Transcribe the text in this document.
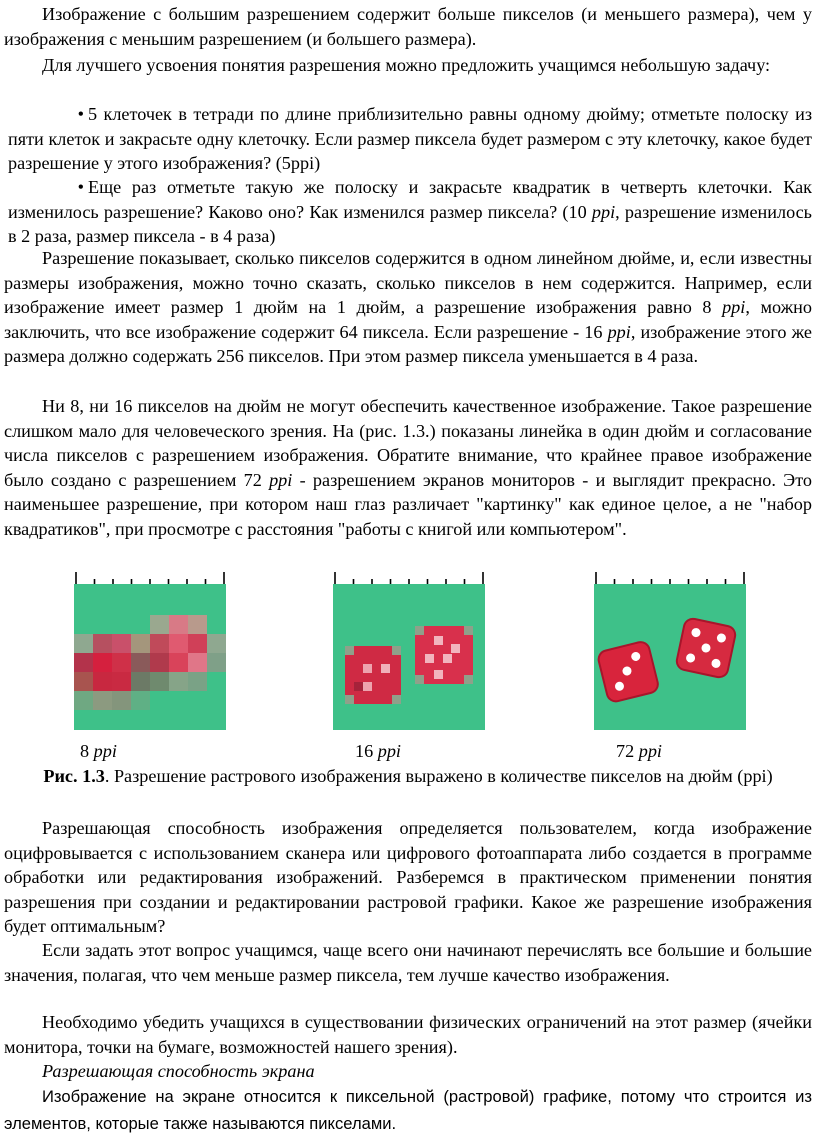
Изображение с большим разрешением содержит больше пикселов (и меньшего размера), чем у изображения с меньшим разрешением (и большего размера).

Для лучшего усвоения понятия разрешения можно предложить учащимся небольшую задачу:

• 5 клеточек в тетради по длине приблизительно равны одному дюйму; отметьте полоску из пяти клеток и закрасьте одну клеточку. Если размер пиксела будет размером с эту клеточку, какое будет разрешение у этого изображения? (5ppi)

• Еще раз отметьте такую же полоску и закрасьте квадратик в четверть клеточки. Как изменилось разрешение? Каково оно? Как изменился размер пиксела? (10 ppi, разрешение изменилось в 2 раза, размер пиксела - в 4 раза)

Разрешение показывает, сколько пикселов содержится в одном линейном дюйме, и, если известны размеры изображения, можно точно сказать, сколько пикселов в нем содержится. Например, если изображение имеет размер 1 дюйм на 1 дюйм, а разрешение изображения равно 8 ppi, можно заключить, что все изображение содержит 64 пиксела. Если разрешение - 16 ppi, изображение этого же размера должно содержать 256 пикселов. При этом размер пиксела уменьшается в 4 раза.

Ни 8, ни 16 пикселов на дюйм не могут обеспечить качественное изображение. Такое разрешение слишком мало для человеческого зрения. На (рис. 1.3.) показаны линейка в один дюйм и согласование числа пикселов с разрешением изображения. Обратите внимание, что крайнее правое изображение было создано с разрешением 72 ppi - разрешением экранов мониторов - и выглядит прекрасно. Это наименьшее разрешение, при котором наш глаз различает "картинку" как единое целое, а не "набор квадратиков", при просмотре с расстояния "работы с книгой или компьютером".

8 ppi	16 ppi	72 ppi

Рис. 1.3. Разрешение растрового изображения выражено в количестве пикселов на дюйм (ppi)

Разрешающая способность изображения определяется пользователем, когда изображение оцифровывается с использованием сканера или цифрового фотоаппарата либо создается в программе обработки или редактирования изображений. Разберемся в практическом применении понятия разрешения при создании и редактировании растровой графики. Какое же разрешение изображения будет оптимальным?

Если задать этот вопрос учащимся, чаще всего они начинают перечислять все большие и большие значения, полагая, что чем меньше размер пиксела, тем лучше качество изображения.

Необходимо убедить учащихся в существовании физических ограничений на этот размер (ячейки монитора, точки на бумаге, возможностей нашего зрения).

Разрешающая способность экрана

Изображение на экране относится к пиксельной (растровой) графике, потому что строится из элементов, которые также называются пикселами.
